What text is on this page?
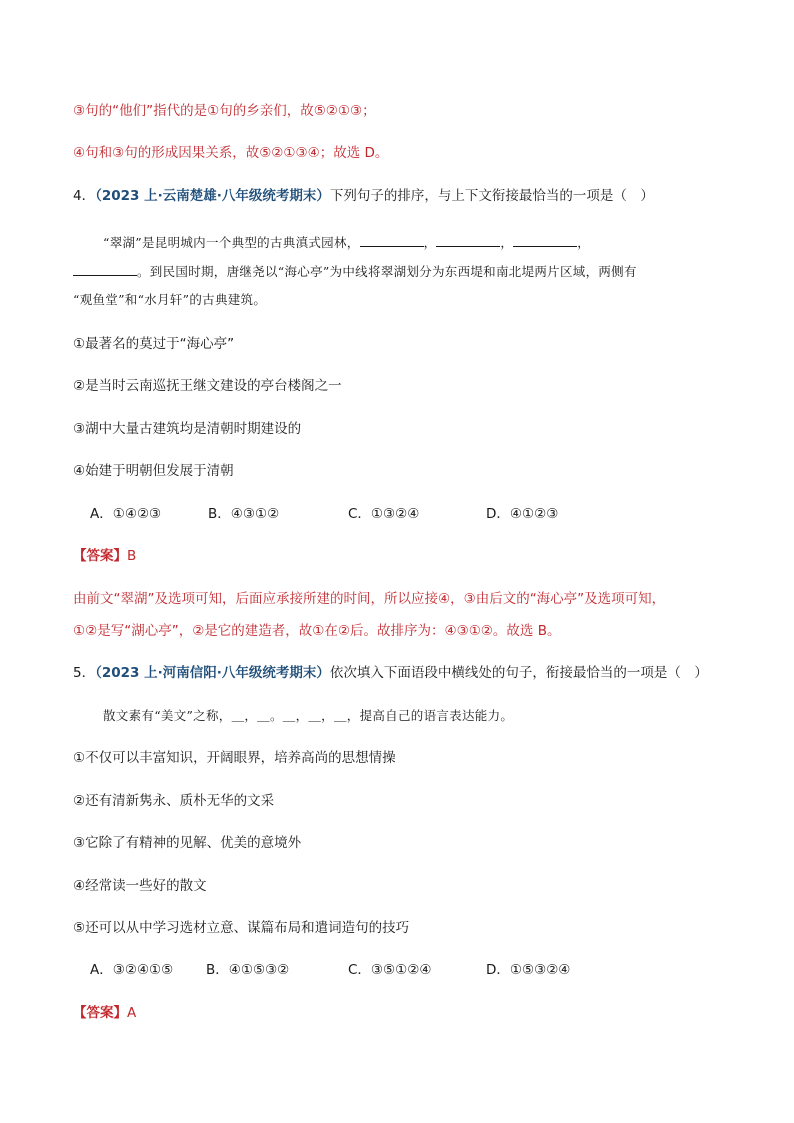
③句的“他们”指代的是①句的乡亲们，故⑤②①③；
④句和③句的形成因果关系，故⑤②①③④；故选 D。
4．（2023 上·云南楚雄·八年级统考期末）下列句子的排序，与上下文衔接最恰当的一项是（　）
“翠湖”是昆明城内一个典型的古典滇式园林，	，	，	，
。到民国时期，唐继尧以“海心亭”为中线将翠湖划分为东西堤和南北堤两片区域，两侧有
“观鱼堂”和“水月轩”的古典建筑。
①最著名的莫过于“海心亭”
②是当时云南巡抚王继文建设的亭台楼阁之一
③湖中大量古建筑均是清朝时期建设的
④始建于明朝但发展于清朝
A．①④②③	B．④③①②	C．①③②④	D．④①②③
【答案】B
由前文“翠湖”及选项可知，后面应承接所建的时间，所以应接④，③由后文的“海心亭”及选项可知，
①②是写“湖心亭”，②是它的建造者，故①在②后。故排序为：④③①②。故选 B。
5．（2023 上·河南信阳·八年级统考期末）依次填入下面语段中横线处的句子，衔接最恰当的一项是（　）
散文素有“美文”之称，＿，＿。＿，＿，＿，提高自己的语言表达能力。
①不仅可以丰富知识，开阔眼界，培养高尚的思想情操
②还有清新隽永、质朴无华的文采
③它除了有精神的见解、优美的意境外
④经常读一些好的散文
⑤还可以从中学习选材立意、谋篇布局和遣词造句的技巧
A．③②④①⑤ B．④①⑤③②	C．③⑤①②④	D．①⑤③②④
【答案】A
